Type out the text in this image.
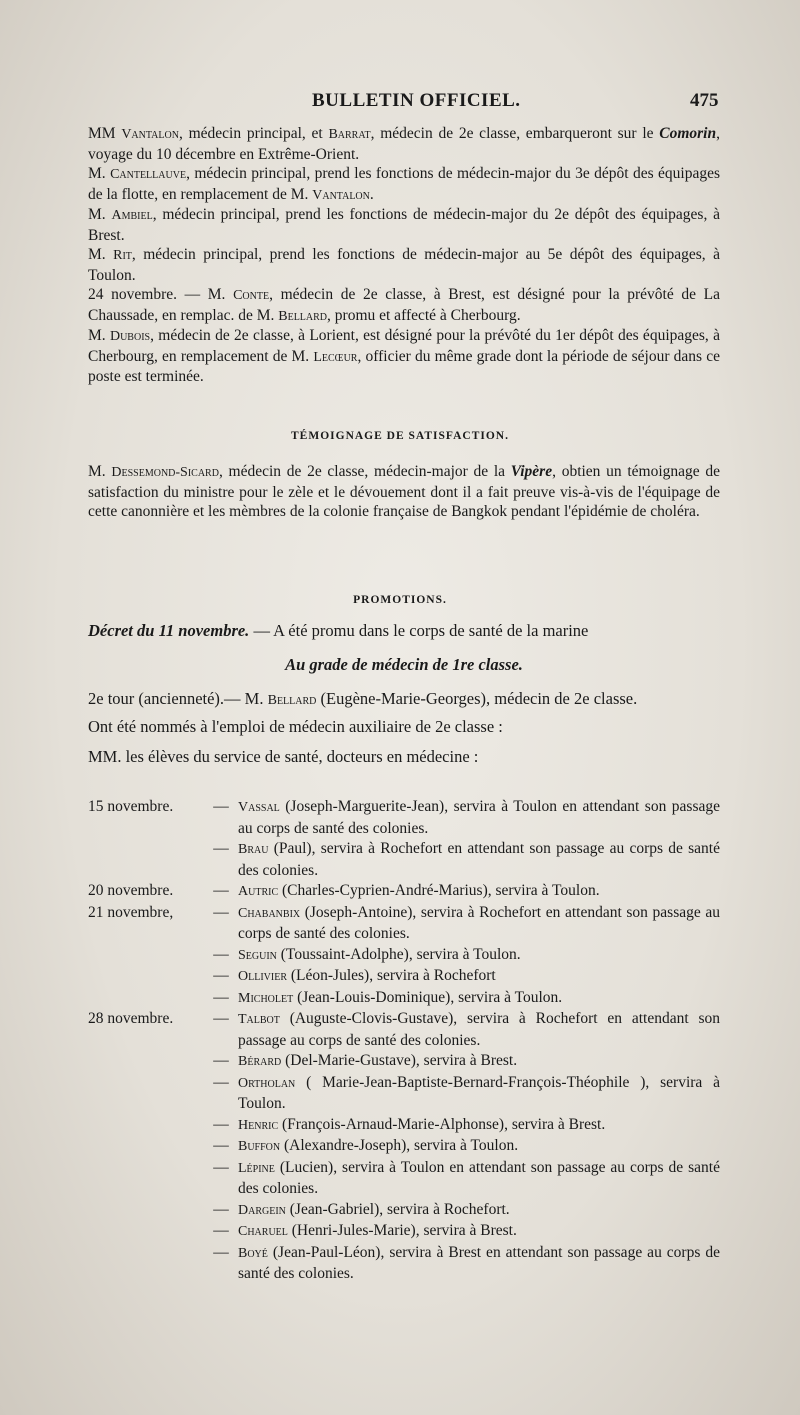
BULLETIN OFFICIEL.	475

MM Vantalon, médecin principal, et Barrat, médecin de 2e classe, embarqueront sur le Comorin, voyage du 10 décembre en Extrême-Orient.

M. Cantellauve, médecin principal, prend les fonctions de médecin-major du 3e dépôt des équipages de la flotte, en remplacement de M. Vantalon.

M. Ambiel, médecin principal, prend les fonctions de médecin-major du 2e dépôt des équipages, à Brest.

M. Rit, médecin principal, prend les fonctions de médecin-major au 5e dépôt des équipages, à Toulon.

24 novembre. — M. Conte, médecin de 2e classe, à Brest, est désigné pour la prévôté de La Chaussade, en remplac. de M. Bellard, promu et affecté à Cherbourg.

M. Dubois, médecin de 2e classe, à Lorient, est désigné pour la prévôté du 1er dépôt des équipages, à Cherbourg, en remplacement de M. Lecœur, officier du même grade dont la période de séjour dans ce poste est terminée.

TÉMOIGNAGE DE SATISFACTION.

M. Dessemond-Sicard, médecin de 2e classe, médecin-major de la Vipère, obtien un témoignage de satisfaction du ministre pour le zèle et le dévouement dont il a fait preuve vis-à-vis de l'équipage de cette canonnière et les mèmbres de la colonie française de Bangkok pendant l'épidémie de choléra.

PROMOTIONS.

Décret du 11 novembre. — A été promu dans le corps de santé de la marine

Au grade de médecin de 1re classe.

2e tour (ancienneté).— M. Bellard (Eugène-Marie-Georges), médecin de 2e classe.

Ont été nommés à l'emploi de médecin auxiliaire de 2e classe :

MM. les élèves du service de santé, docteurs en médecine :

15 novembre.	— Vassal (Joseph-Marguerite-Jean), servira à Toulon en attendant son passage au corps de santé des colonies.
— Brau (Paul), servira à Rochefort en attendant son passage au corps de santé des colonies.
20 novembre.	— Autric (Charles-Cyprien-André-Marius), servira à Toulon.
21 novembre,	— Chabanbix (Joseph-Antoine), servira à Rochefort en attendant son passage au corps de santé des colonies.
— Seguin (Toussaint-Adolphe), servira à Toulon.
— Ollivier (Léon-Jules), servira à Rochefort
— Micholet (Jean-Louis-Dominique), servira à Toulon.
28 novembre.	— Talbot (Auguste-Clovis-Gustave), servira à Rochefort en attendant son passage au corps de santé des colonies.
— Bérard (Del-Marie-Gustave), servira à Brest.
— Ortholan ( Marie-Jean-Baptiste-Bernard-François-Théophile ), servira à Toulon.
— Henric (François-Arnaud-Marie-Alphonse), servira à Brest.
— Buffon (Alexandre-Joseph), servira à Toulon.
— Lépine (Lucien), servira à Toulon en attendant son passage au corps de santé des colonies.
— Dargein (Jean-Gabriel), servira à Rochefort.
— Charuel (Henri-Jules-Marie), servira à Brest.
— Boyé (Jean-Paul-Léon), servira à Brest en attendant son passage au corps de santé des colonies.
